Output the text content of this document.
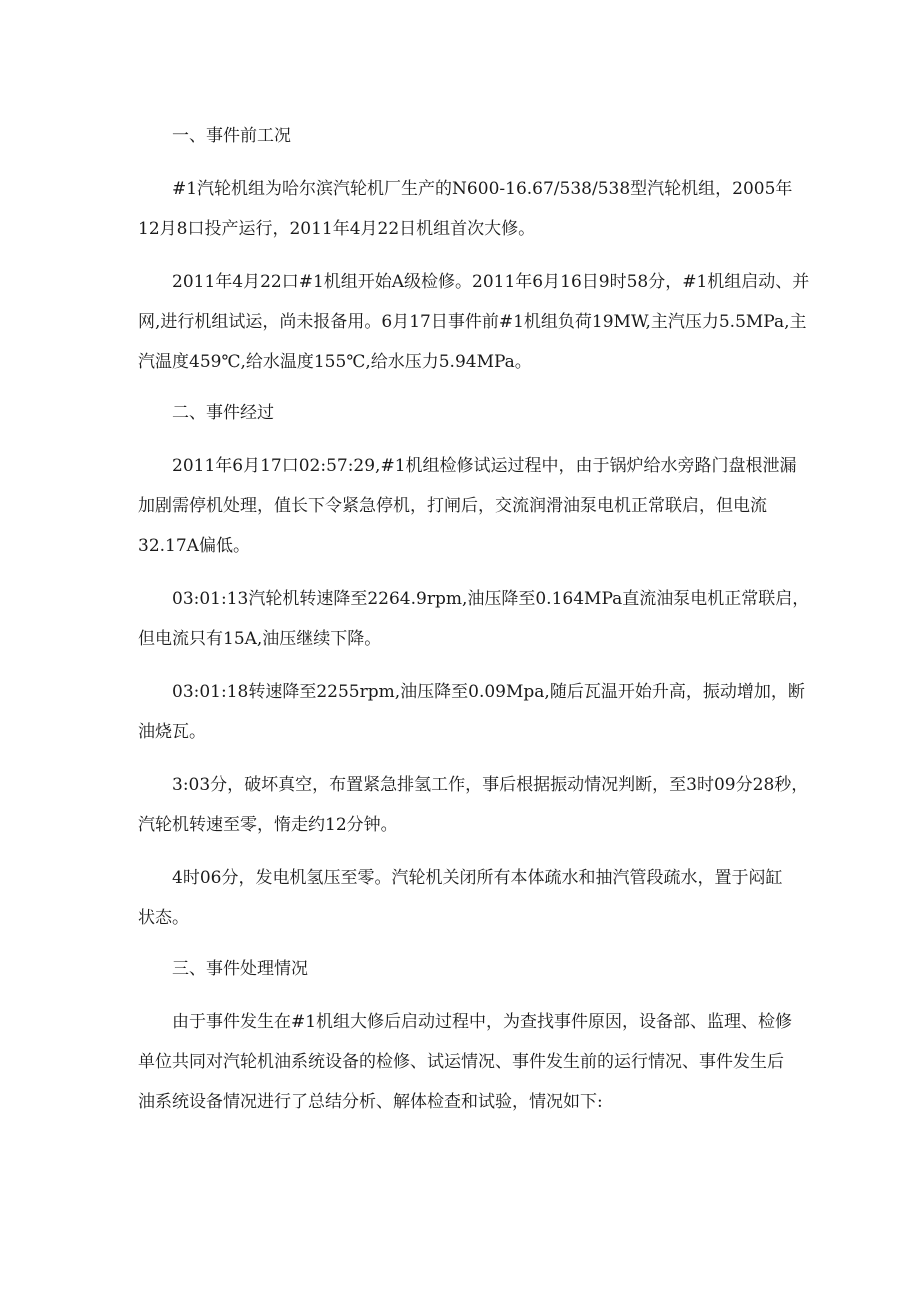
一、事件前工况
#1汽轮机组为哈尔滨汽轮机厂生产的N600-16.67/538/538型汽轮机组，2005年
12月8口投产运行，2011年4月22日机组首次大修。
2011年4月22口#1机组开始A级检修。2011年6月16日9时58分，#1机组启动、并
网,进行机组试运，尚未报备用。6月17日事件前#1机组负荷19MW,主汽压力5.5MPa,主
汽温度459℃,给水温度155℃,给水压力5.94MPa。
二、事件经过
2011年6月17口02:57:29,#1机组检修试运过程中，由于锅炉给水旁路门盘根泄漏
加剧需停机处理，值长下令紧急停机，打闸后，交流润滑油泵电机正常联启，但电流
32.17A偏低。
03:01:13汽轮机转速降至2264.9rpm,油压降至0.164MPa直流油泵电机正常联启，
但电流只有15A,油压继续下降。
03:01:18转速降至2255rpm,油压降至0.09Mpa,随后瓦温开始升高，振动增加，断
油烧瓦。
3:03分，破坏真空，布置紧急排氢工作，事后根据振动情况判断，至3时09分28秒，
汽轮机转速至零，惰走约12分钟。
4时06分，发电机氢压至零。汽轮机关闭所有本体疏水和抽汽管段疏水，置于闷缸
状态。
三、事件处理情况
由于事件发生在#1机组大修后启动过程中，为查找事件原因，设备部、监理、检修
单位共同对汽轮机油系统设备的检修、试运情况、事件发生前的运行情况、事件发生后
油系统设备情况进行了总结分析、解体检查和试验，情况如下:
